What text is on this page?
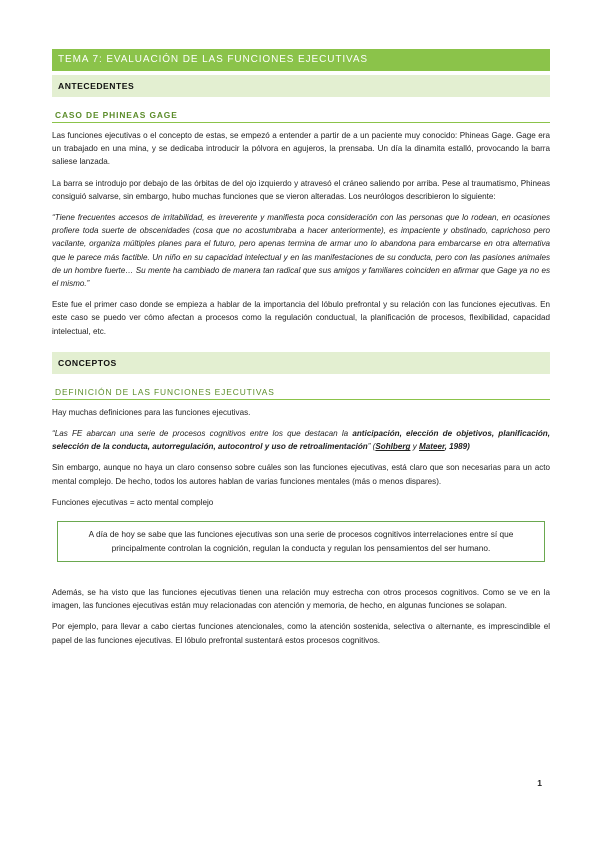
TEMA 7: EVALUACIÓN DE LAS FUNCIONES EJECUTIVAS
ANTECEDENTES
CASO DE PHINEAS GAGE

Las funciones ejecutivas o el concepto de estas, se empezó a entender a partir de a un paciente muy conocido: Phineas Gage. Gage era un trabajado en una mina, y se dedicaba introducir la pólvora en agujeros, la prensaba. Un día la dinamita estalló, provocando la barra saliese lanzada.

La barra se introdujo por debajo de las órbitas de del ojo izquierdo y atravesó el cráneo saliendo por arriba. Pese al traumatismo, Phineas consiguió salvarse, sin embargo, hubo muchas funciones que se vieron alteradas. Los neurólogos describieron lo siguiente:

“Tiene frecuentes accesos de irritabilidad, es irreverente y manifiesta poca consideración con las personas que lo rodean, en ocasiones profiere toda suerte de obscenidades (cosa que no acostumbraba a hacer anteriormente), es impaciente y obstinado, caprichoso pero vacilante, organiza múltiples planes para el futuro, pero apenas termina de armar uno lo abandona para embarcarse en otra alternativa que le parece más factible. Un niño en su capacidad intelectual y en las manifestaciones de su conducta, pero con las pasiones animales de un hombre fuerte… Su mente ha cambiado de manera tan radical que sus amigos y familiares coinciden en afirmar que Gage ya no es el mismo.”

Este fue el primer caso donde se empieza a hablar de la importancia del lóbulo prefrontal y su relación con las funciones ejecutivas. En este caso se puedo ver cómo afectan a procesos como la regulación conductual, la planificación de procesos, flexibilidad, capacidad intelectual, etc.

CONCEPTOS
DEFINICIÓN DE LAS FUNCIONES EJECUTIVAS

Hay muchas definiciones para las funciones ejecutivas.

“Las FE abarcan una serie de procesos cognitivos entre los que destacan la anticipación, elección de objetivos, planificación, selección de la conducta, autorregulación, autocontrol y uso de retroalimentación” (Sohlberg y Mateer, 1989)

Sin embargo, aunque no haya un claro consenso sobre cuáles son las funciones ejecutivas, está claro que son necesarias para un acto mental complejo. De hecho, todos los autores hablan de varias funciones mentales (más o menos dispares).

Funciones ejecutivas = acto mental complejo

A día de hoy se sabe que las funciones ejecutivas son una serie de procesos cognitivos interrelaciones entre sí que principalmente controlan la cognición, regulan la conducta y regulan los pensamientos del ser humano.

Además, se ha visto que las funciones ejecutivas tienen una relación muy estrecha con otros procesos cognitivos. Como se ve en la imagen, las funciones ejecutivas están muy relacionadas con atención y memoria, de hecho, en algunas funciones se solapan.

Por ejemplo, para llevar a cabo ciertas funciones atencionales, como la atención sostenida, selectiva o alternante, es imprescindible el papel de las funciones ejecutivas. El lóbulo prefrontal sustentará estos procesos cognitivos.

1
